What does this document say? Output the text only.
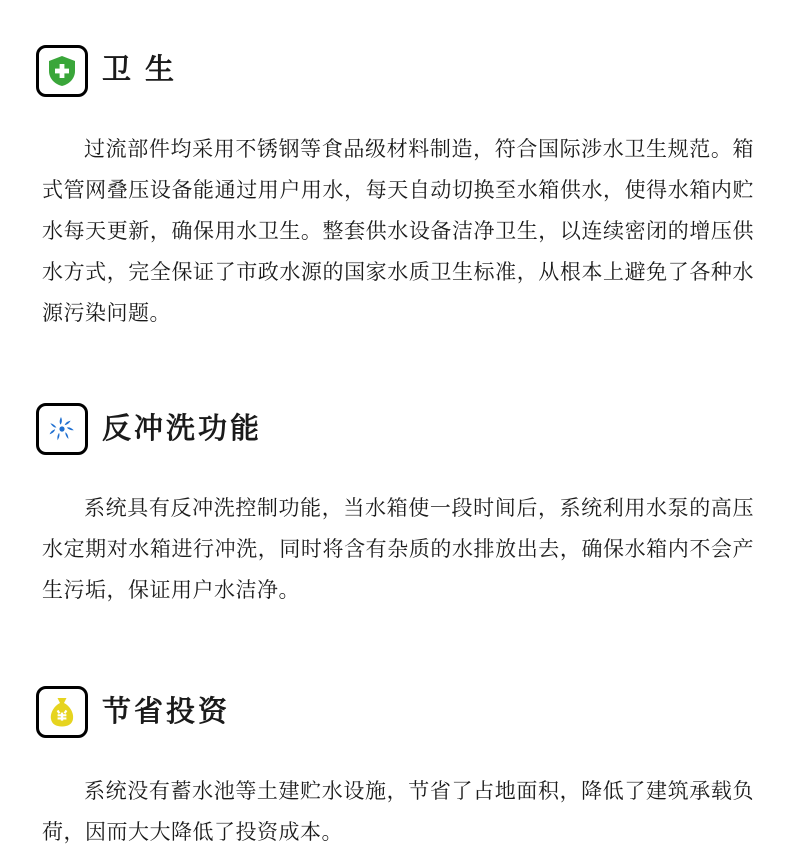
卫 生

过流部件均采用不锈钢等食品级材料制造，符合国际涉水卫生规范。箱式管网叠压设备能通过用户用水，每天自动切换至水箱供水，使得水箱内贮水每天更新，确保用水卫生。整套供水设备洁净卫生，以连续密闭的增压供水方式，完全保证了市政水源的国家水质卫生标准，从根本上避免了各种水源污染问题。

反冲洗功能

系统具有反冲洗控制功能，当水箱使一段时间后，系统利用水泵的高压水定期对水箱进行冲洗，同时将含有杂质的水排放出去，确保水箱内不会产生污垢，保证用户水洁净。

节省投资

系统没有蓄水池等土建贮水设施，节省了占地面积，降低了建筑承载负荷，因而大大降低了投资成本。
